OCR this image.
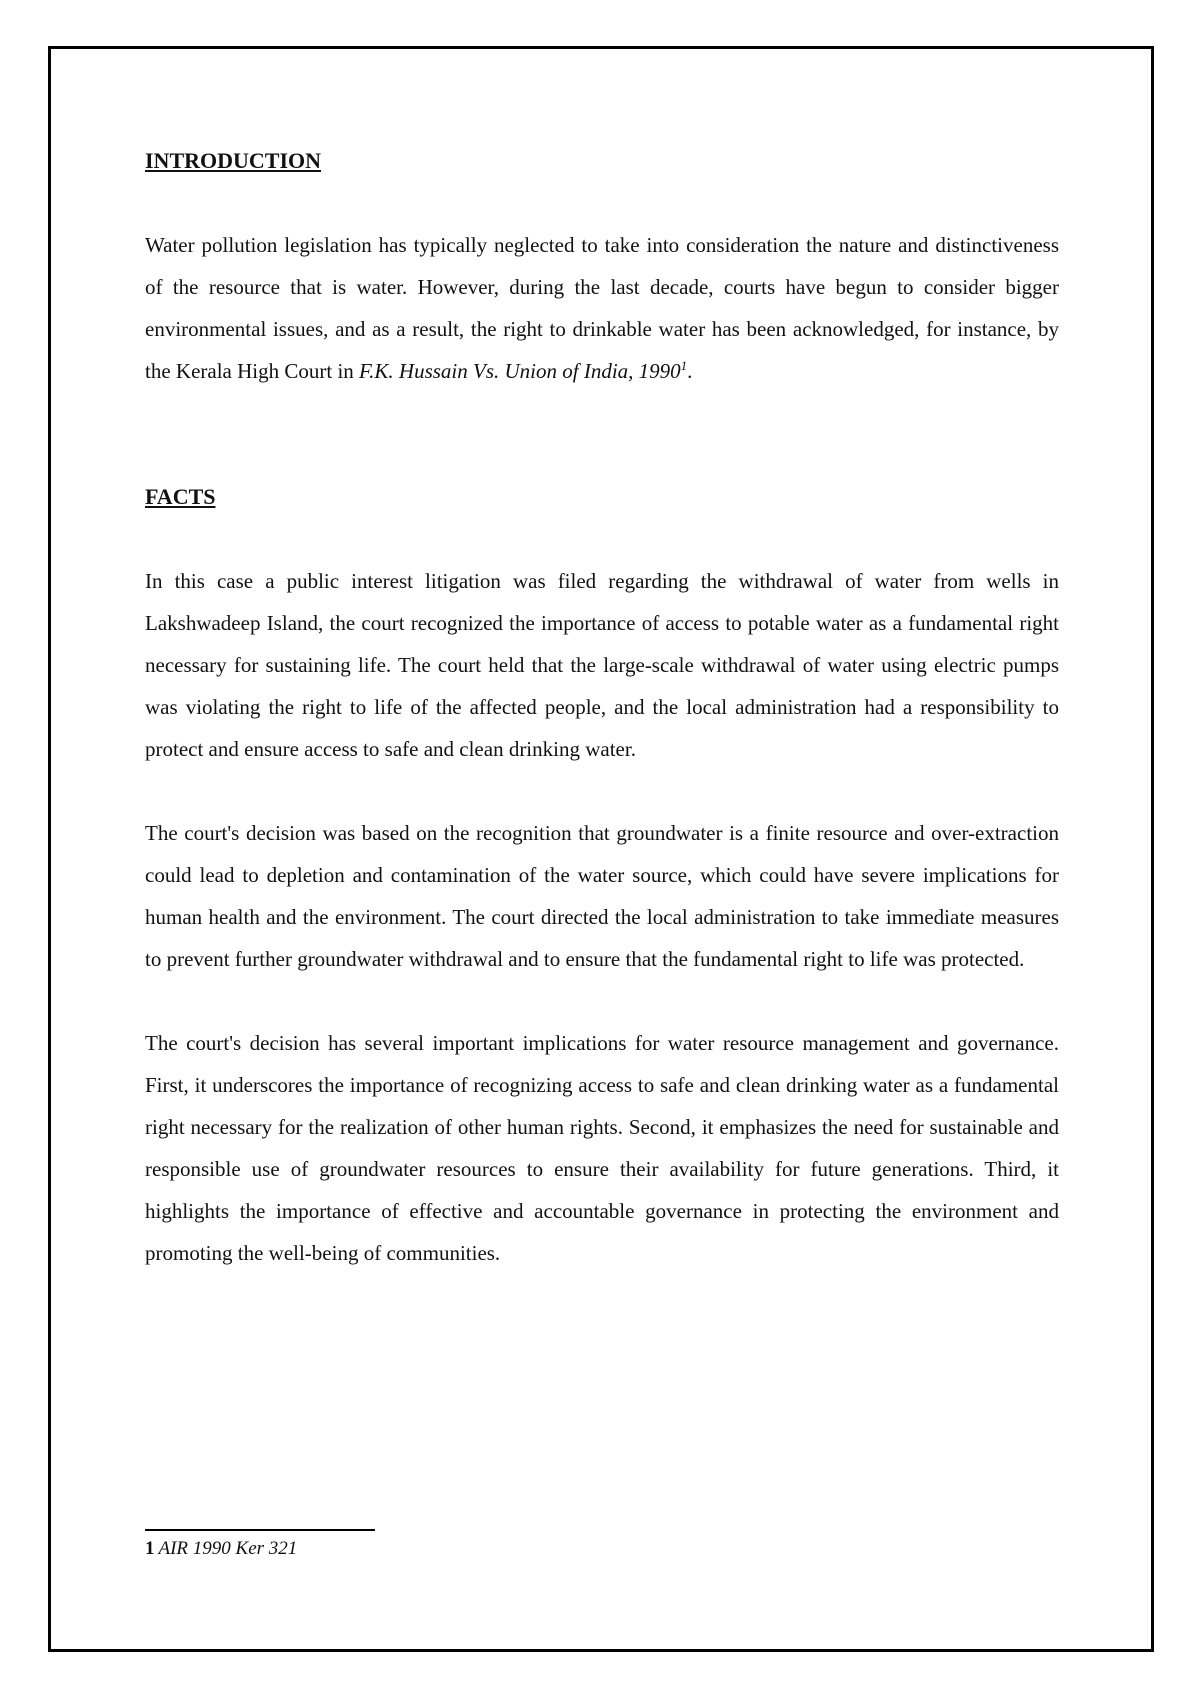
INTRODUCTION

Water pollution legislation has typically neglected to take into consideration the nature and distinctiveness of the resource that is water. However, during the last decade, courts have begun to consider bigger environmental issues, and as a result, the right to drinkable water has been acknowledged, for instance, by the Kerala High Court in F.K. Hussain Vs. Union of India, 1990$^1$.

FACTS

In this case a public interest litigation was filed regarding the withdrawal of water from wells in Lakshwadeep Island, the court recognized the importance of access to potable water as a fundamental right necessary for sustaining life. The court held that the large-scale withdrawal of water using electric pumps was violating the right to life of the affected people, and the local administration had a responsibility to protect and ensure access to safe and clean drinking water.

The court's decision was based on the recognition that groundwater is a finite resource and over-extraction could lead to depletion and contamination of the water source, which could have severe implications for human health and the environment. The court directed the local administration to take immediate measures to prevent further groundwater withdrawal and to ensure that the fundamental right to life was protected.

The court's decision has several important implications for water resource management and governance. First, it underscores the importance of recognizing access to safe and clean drinking water as a fundamental right necessary for the realization of other human rights. Second, it emphasizes the need for sustainable and responsible use of groundwater resources to ensure their availability for future generations. Third, it highlights the importance of effective and accountable governance in protecting the environment and promoting the well-being of communities.

1 AIR 1990 Ker 321
